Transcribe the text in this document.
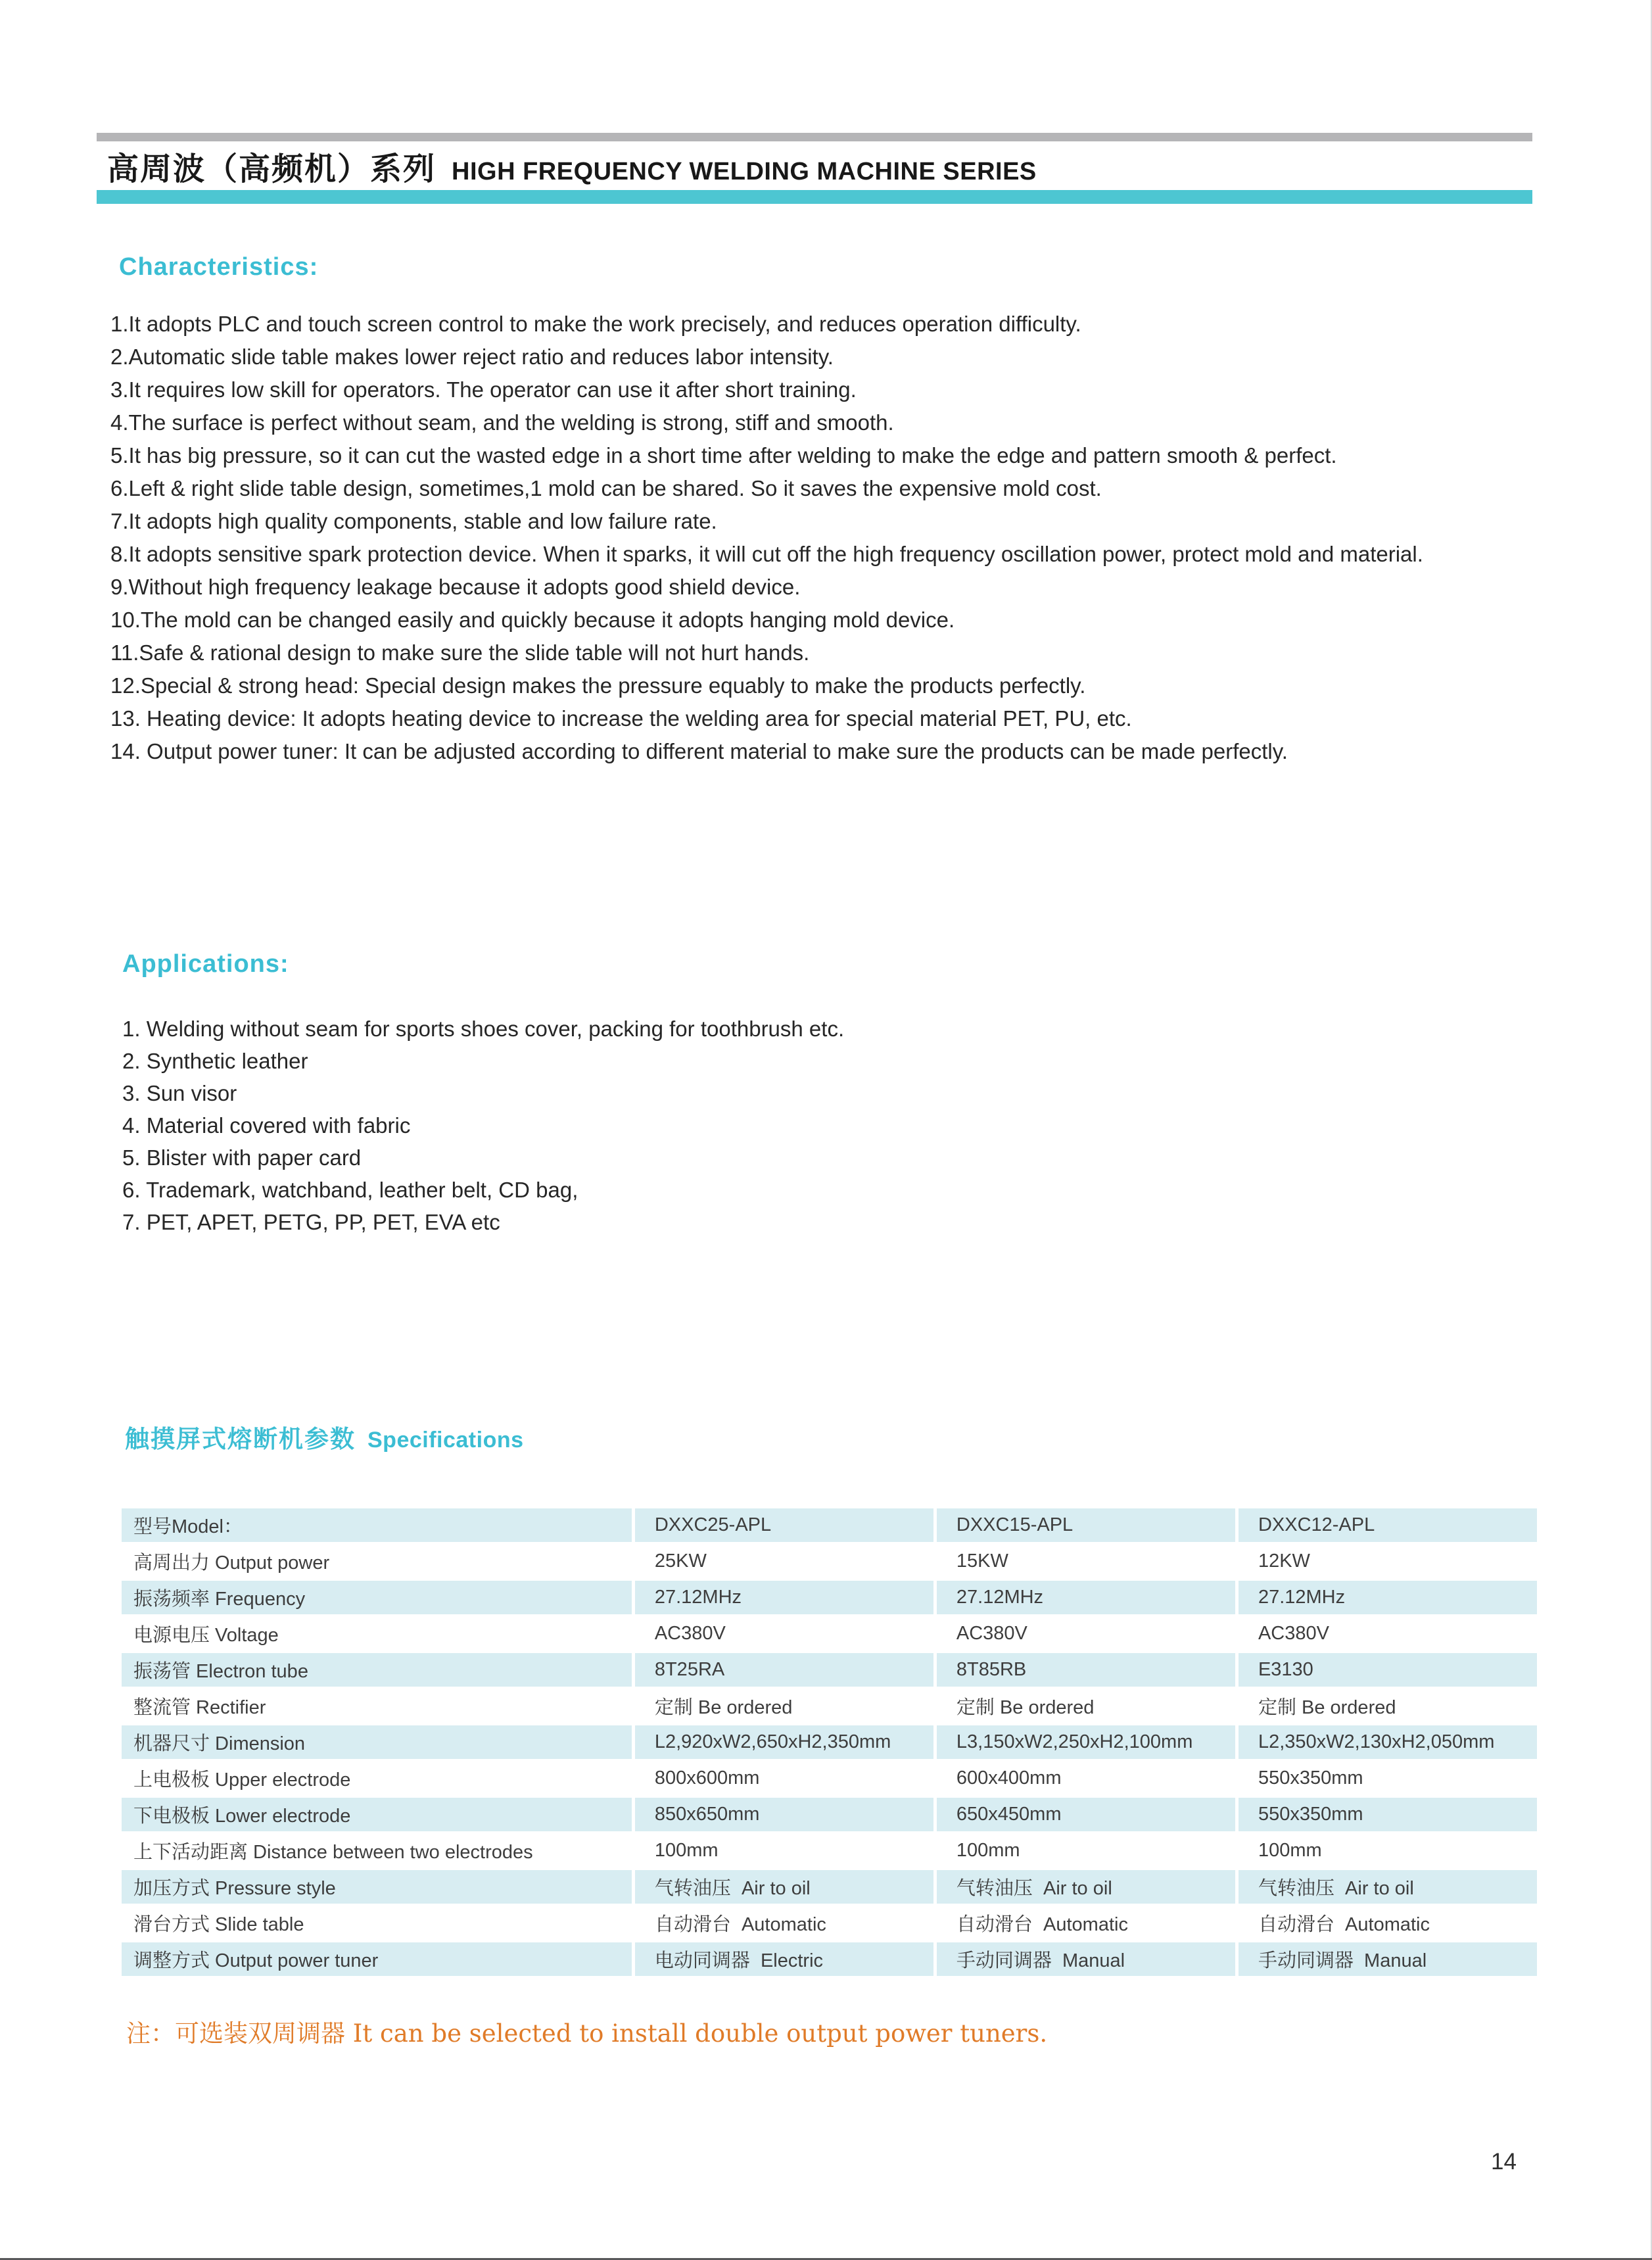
高周波（高频机）系列 HIGH FREQUENCY WELDING MACHINE SERIES
Characteristics:
1.It adopts PLC and touch screen control to make the work precisely, and reduces operation difficulty.
2.Automatic slide table makes lower reject ratio and reduces labor intensity.
3.It requires low skill for operators. The operator can use it after short training.
4.The surface is perfect without seam, and the welding is strong, stiff and smooth.
5.It has big pressure, so it can cut the wasted edge in a short time after welding to make the edge and pattern smooth & perfect.
6.Left & right slide table design, sometimes,1 mold can be shared. So it saves the expensive mold cost.
7.It adopts high quality components, stable and low failure rate.
8.It adopts sensitive spark protection device. When it sparks, it will cut off the high frequency oscillation power, protect mold and material.
9.Without high frequency leakage because it adopts good shield device.
10.The mold can be changed easily and quickly because it adopts hanging mold device.
11.Safe & rational design to make sure the slide table will not hurt hands.
12.Special & strong head: Special design makes the pressure equably to make the products perfectly.
13. Heating device: It adopts heating device to increase the welding area for special material PET, PU, etc.
14. Output power tuner: It can be adjusted according to different material to make sure the products can be made perfectly.
Applications:
1. Welding without seam for sports shoes cover, packing for toothbrush etc.
2. Synthetic leather
3. Sun visor
4. Material covered with fabric
5. Blister with paper card
6. Trademark, watchband, leather belt, CD bag,
7. PET, APET, PETG, PP, PET, EVA etc
触摸屏式熔断机参数 Specifications
型号Model：	DXXC25-APL	DXXC15-APL	DXXC12-APL
高周出力 Output power	25KW	15KW	12KW
振荡频率 Frequency	27.12MHz	27.12MHz	27.12MHz
电源电压 Voltage	AC380V	AC380V	AC380V
振荡管 Electron tube	8T25RA	8T85RB	E3130
整流管 Rectifier	定制 Be ordered	定制 Be ordered	定制 Be ordered
机器尺寸 Dimension	L2,920xW2,650xH2,350mm	L3,150xW2,250xH2,100mm	L2,350xW2,130xH2,050mm
上电极板 Upper electrode	800x600mm	600x400mm	550x350mm
下电极板 Lower electrode	850x650mm	650x450mm	550x350mm
上下活动距离 Distance between two electrodes	100mm	100mm	100mm
加压方式 Pressure style	气转油压  Air to oil	气转油压  Air to oil	气转油压  Air to oil
滑台方式 Slide table	自动滑台  Automatic	自动滑台  Automatic	自动滑台  Automatic
调整方式 Output power tuner	电动同调器  Electric	手动同调器  Manual	手动同调器  Manual
注：可选装双周调器 It can be selected to install double output power tuners.
14
